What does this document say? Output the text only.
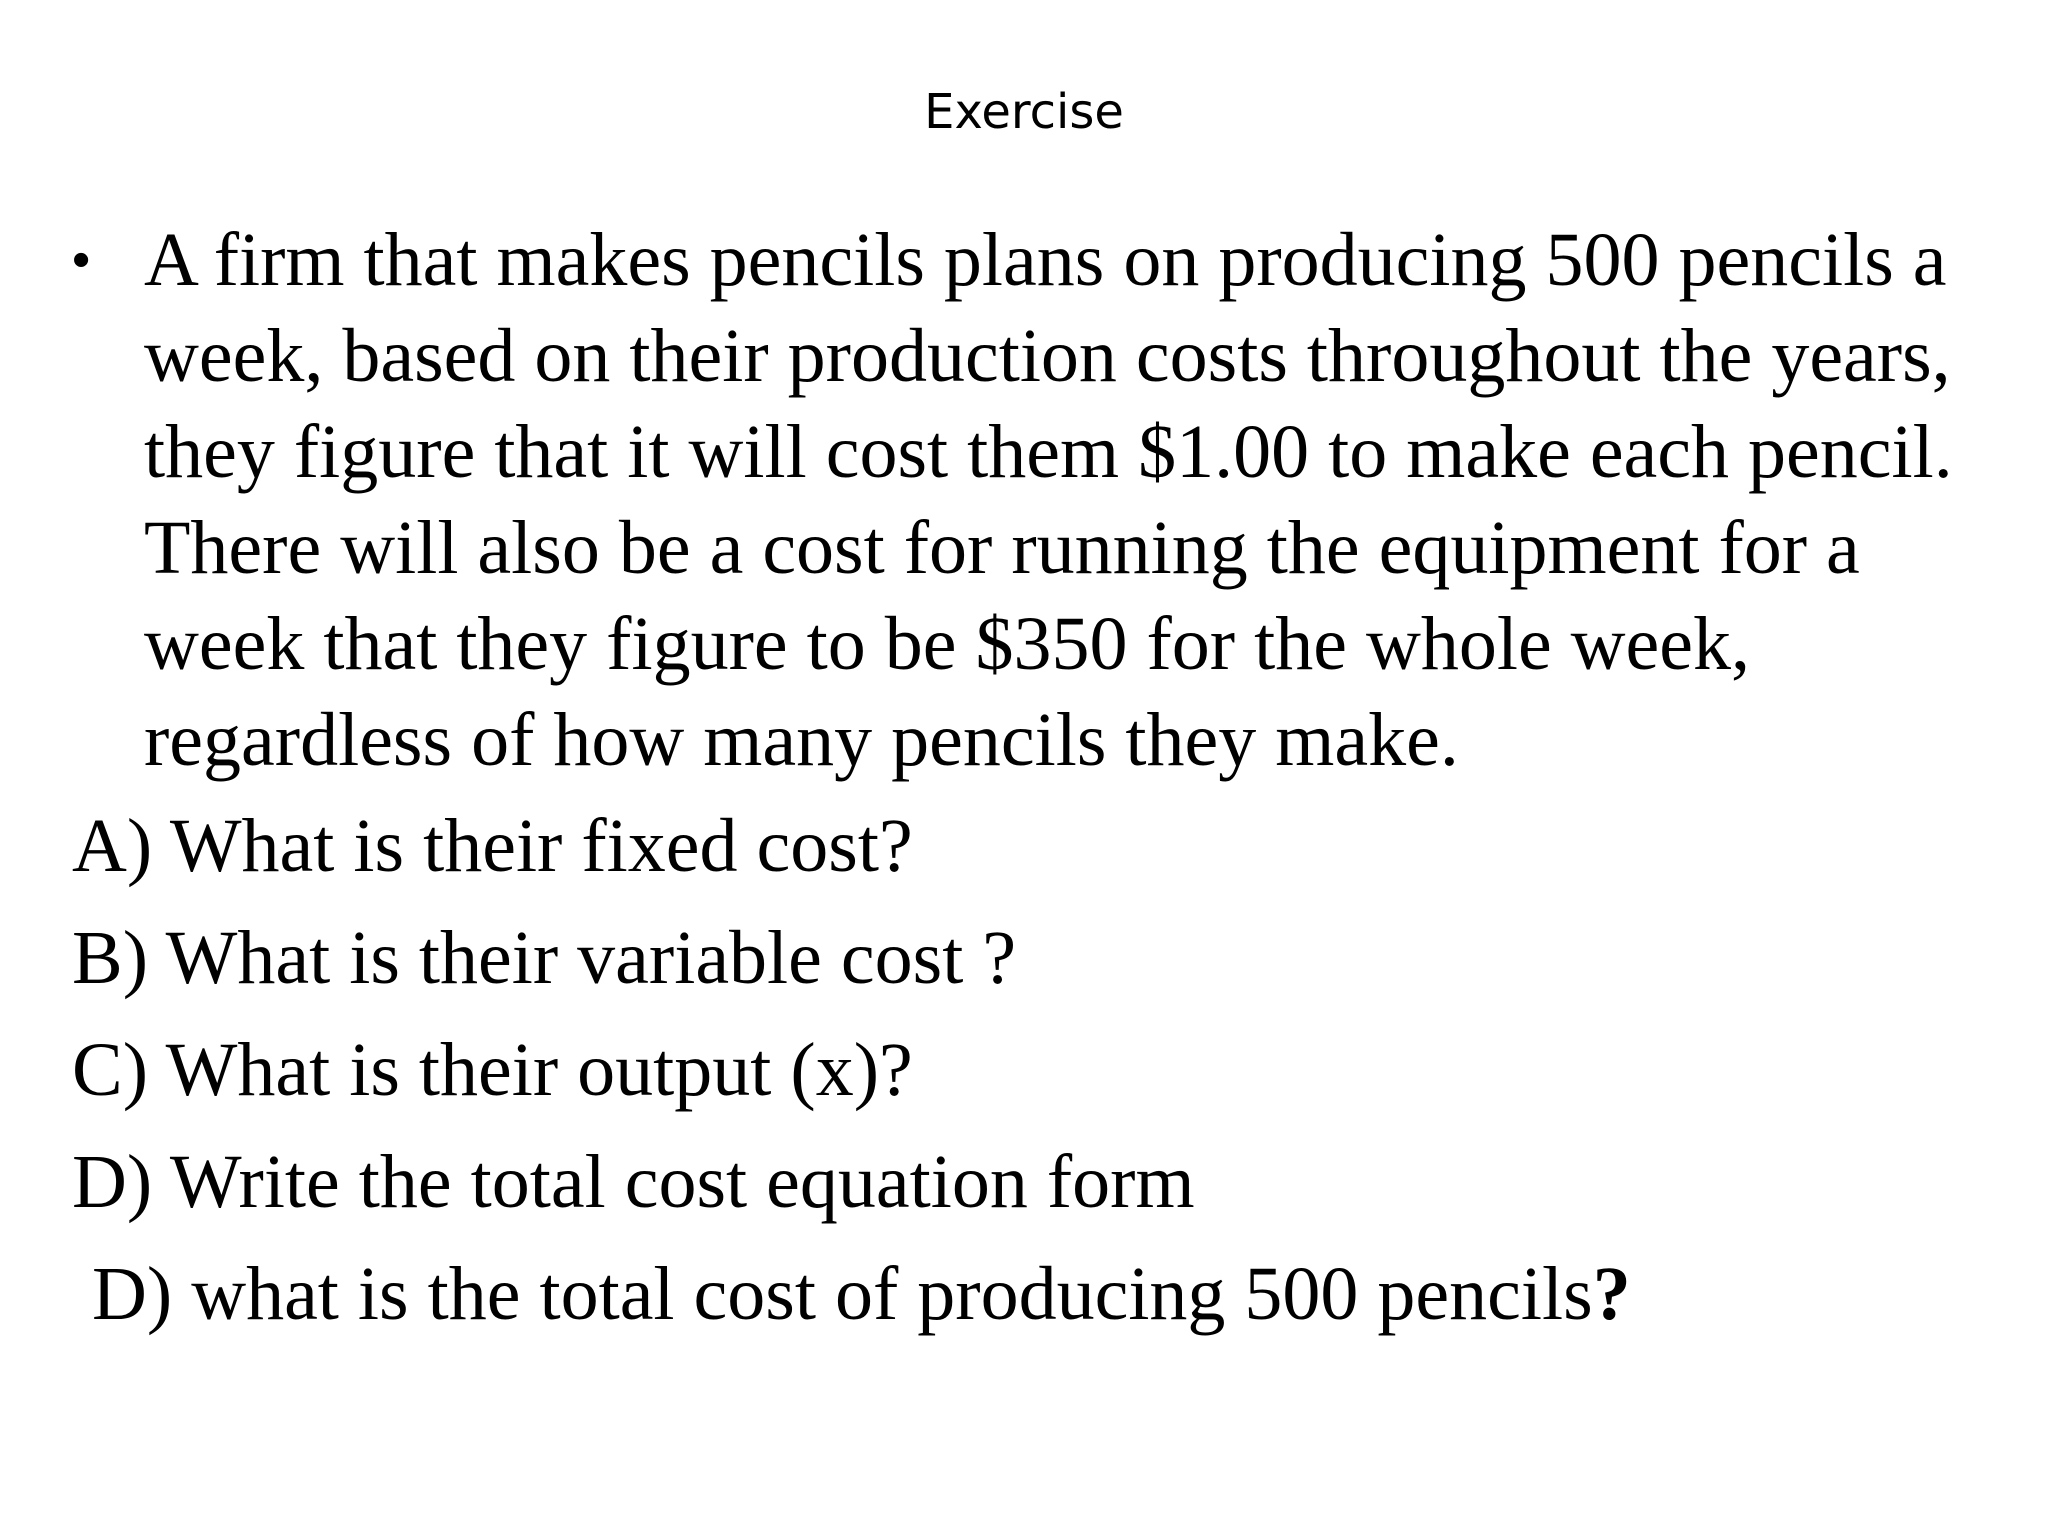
Exercise
• A firm that makes pencils plans on producing 500 pencils a week, based on their production costs throughout the years, they figure that it will cost them $1.00 to make each pencil. There will also be a cost for running the equipment for a week that they figure to be $350 for the whole week, regardless of how many pencils they make.

A) What is their fixed cost?
B) What is their variable cost ?
C) What is their output (x)?
D) Write the total cost equation form
D) what is the total cost of producing 500 pencils?
